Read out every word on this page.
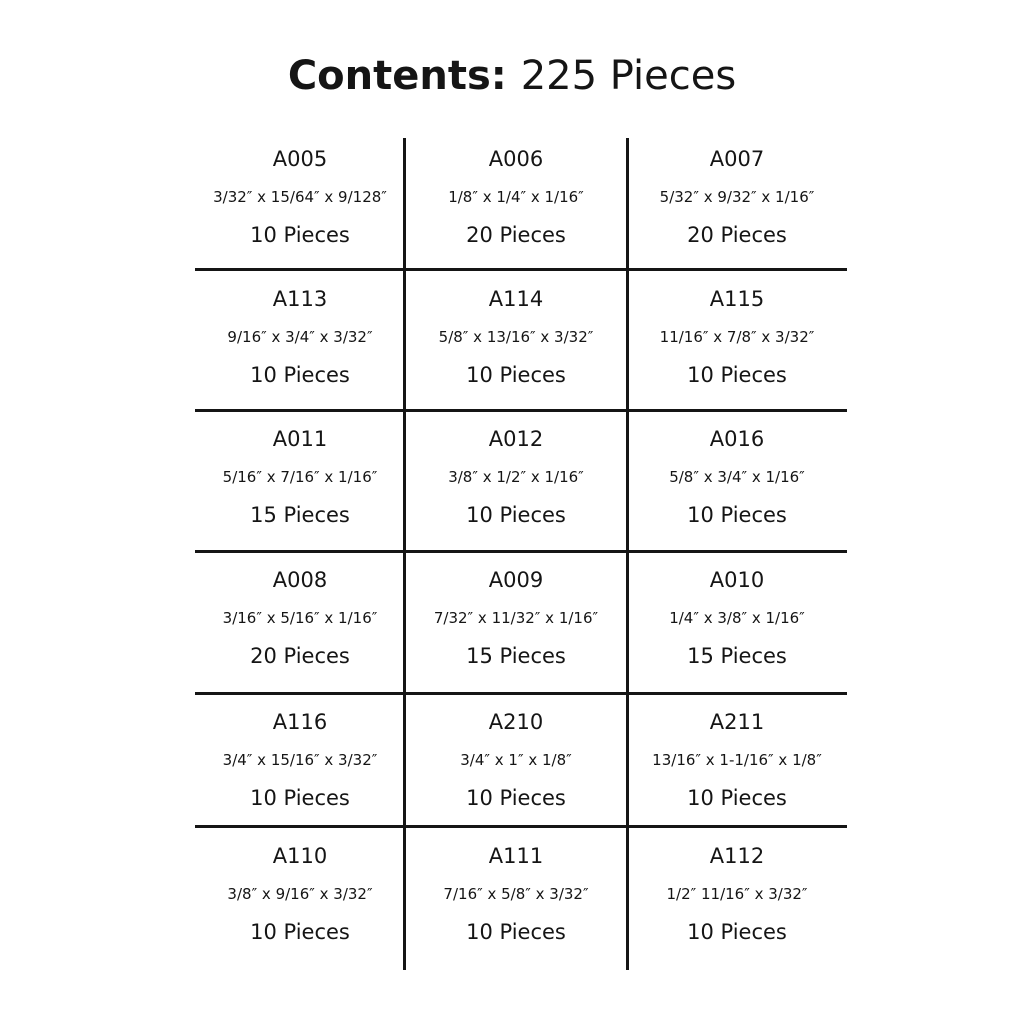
Contents: 225 Pieces
A005
3/32″ x 15/64″ x 9/128″
10 Pieces
A006
1/8″ x 1/4″ x 1/16″
20 Pieces
A007
5/32″ x 9/32″ x 1/16″
20 Pieces
A113
9/16″ x 3/4″ x 3/32″
10 Pieces
A114
5/8″ x 13/16″ x 3/32″
10 Pieces
A115
11/16″ x 7/8″ x 3/32″
10 Pieces
A011
5/16″ x 7/16″ x 1/16″
15 Pieces
A012
3/8″ x 1/2″ x 1/16″
10 Pieces
A016
5/8″ x 3/4″ x 1/16″
10 Pieces
A008
3/16″ x 5/16″ x 1/16″
20 Pieces
A009
7/32″ x 11/32″ x 1/16″
15 Pieces
A010
1/4″ x 3/8″ x 1/16″
15 Pieces
A116
3/4″ x 15/16″ x 3/32″
10 Pieces
A210
3/4″ x 1″ x 1/8″
10 Pieces
A211
13/16″ x 1-1/16″ x 1/8″
10 Pieces
A110
3/8″ x 9/16″ x 3/32″
10 Pieces
A111
7/16″ x 5/8″ x 3/32″
10 Pieces
A112
1/2″ 11/16″ x 3/32″
10 Pieces
